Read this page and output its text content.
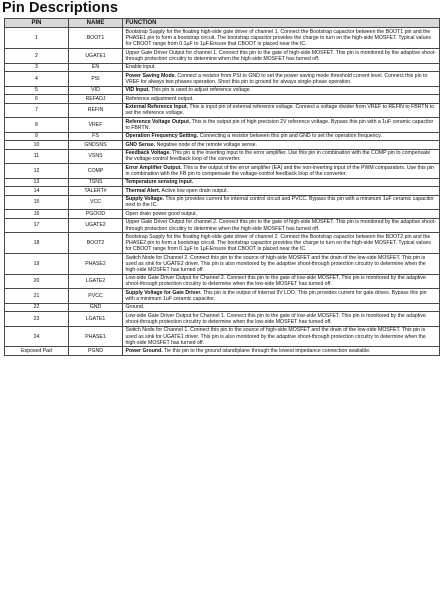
Pin Descriptions
PIN	NAME	FUNCTION
1	BOOT1	Bootstrap Supply for the floating high-side gate driver of channel 1. Connect the Bootstrap capacitor between the BOOT1 pin and the PHASE1 pin to form a bootstrap circuit. The bootstrap capacitor provides the charge to turn on the high-side MOSFET. Typical values for CBOOT range from 0.1µF to 1µF.Ensure that CBOOT is placed near the IC.
2	UGATE1	Upper Gate Driver Output for channel 1. Connect this pin to the gate of high-side MOSFET. This pin is monitored by the adaptive shoot-through protection circuitry to determine when the high-side MOSFET has turned off.
3	EN	Enable input.
4	PSI	Power Saving Mode. Connect a resistor from PSI to GND to set the power saving mode threshold current level. Connect this pin to VREF for always two phases operation. Short this pin to ground for always single-phase operation.
5	VID	VID Input. This pin is used to adjust reference voltage.
6	REFADJ	Reference adjustment output.
7	REFIN	External Reference Input. This is input pin of external reference voltage. Connect a voltage divider from VREF to REFIN to FBRTN to set the reference voltage.
8	VREF	Reference Voltage Output. This is the output pin of high precision 2V reference voltage. Bypass this pin with a 1uF ceramic capacitor to FBRTN.
9	FS	Operation Frequency Setting. Connecting a resistor between this pin and GND to set the operation frequency.
10	GNDSNS	GND Sense. Negative node of the remote voltage sense.
11	VSNS	Feedback Voltage. This pin is the inverting input to the error amplifier. Use this pin in combination with the COMP pin to compensate the voltage-control feedback loop of the converter.
12	COMP	Error Amplifier Output. This is the output of the error amplifier (EA) and the non-inverting input of the PWM comparators. Use this pin in combination with the FB pin to compensate the voltage-control feedback loop of the converter.
13	TSNS	Temperature sensing input.
14	TALERT#	Thermal Alert. Active low open drain output.
15	VCC	Supply Voltage. This pin provides current for internal control circuit and PVCC. Bypass this pin with a minimum 1uF ceramic capacitor next to the IC.
16	PGOOD	Open drain power good output.
17	UGATE2	Upper Gate Driver Output for channel 2. Connect this pin to the gate of high-side MOSFET. This pin is monitored by the adaptive shoot-through protection circuitry to determine when the high-side MOSFET has turned off.
18	BOOT2	Bootstrap Supply for the floating high-side gate driver of channel 2. Connect the Bootstrap capacitor between the BOOT2 pin and the PHASE2 pin to form a bootstrap circuit. The bootstrap capacitor provides the charge to turn on the high-side MOSFET. Typical values for CBOOT range from 0.1µF to 1µF.Ensure that CBOOT is placed near the IC.
19	PHASE2	Switch Node for Channel 2. Connect this pin to the source of high-side MOSFET and the drain of the low-side MOSFET. This pin is used as sink for UGATE2 driver. This pin is also monitored by the adaptive shoot-through protection circuitry to determine when the high-side MOSFET has turned off.
20	LGATE2	Low-side Gate Driver Output for Channel 2. Connect this pin to the gate of low-side MOSFET. This pin is monitored by the adaptive shoot-through protection circuitry to determine when the low-side MOSFET has turned off.
21	PVCC	Supply Voltage for Gate Driver. This pin is the output of internal 9V LDO. This pin provides current for gate drives. Bypass this pin with a minimum 1uF ceramic capacitor.
22	GND	Ground.
23	LGATE1	Low-side Gate Driver Output for Channel 1. Connect this pin to the gate of low-side MOSFET. This pin is monitored by the adaptive shoot-through protection circuitry to determine when the low-side MOSFET has turned off.
24	PHASE1	Switch Node for Channel 1. Connect this pin to the source of high-side MOSFET and the drain of the low-side MOSFET. This pin is used as sink for UGATE1 driver. This pin is also monitored by the adaptive shoot-through protection circuitry to determine when the high-side MOSFET has turned off.
Exposed Pad	PGND	Power Ground. Tie this pin to the ground island/plane through the lowest impedance connection available.
